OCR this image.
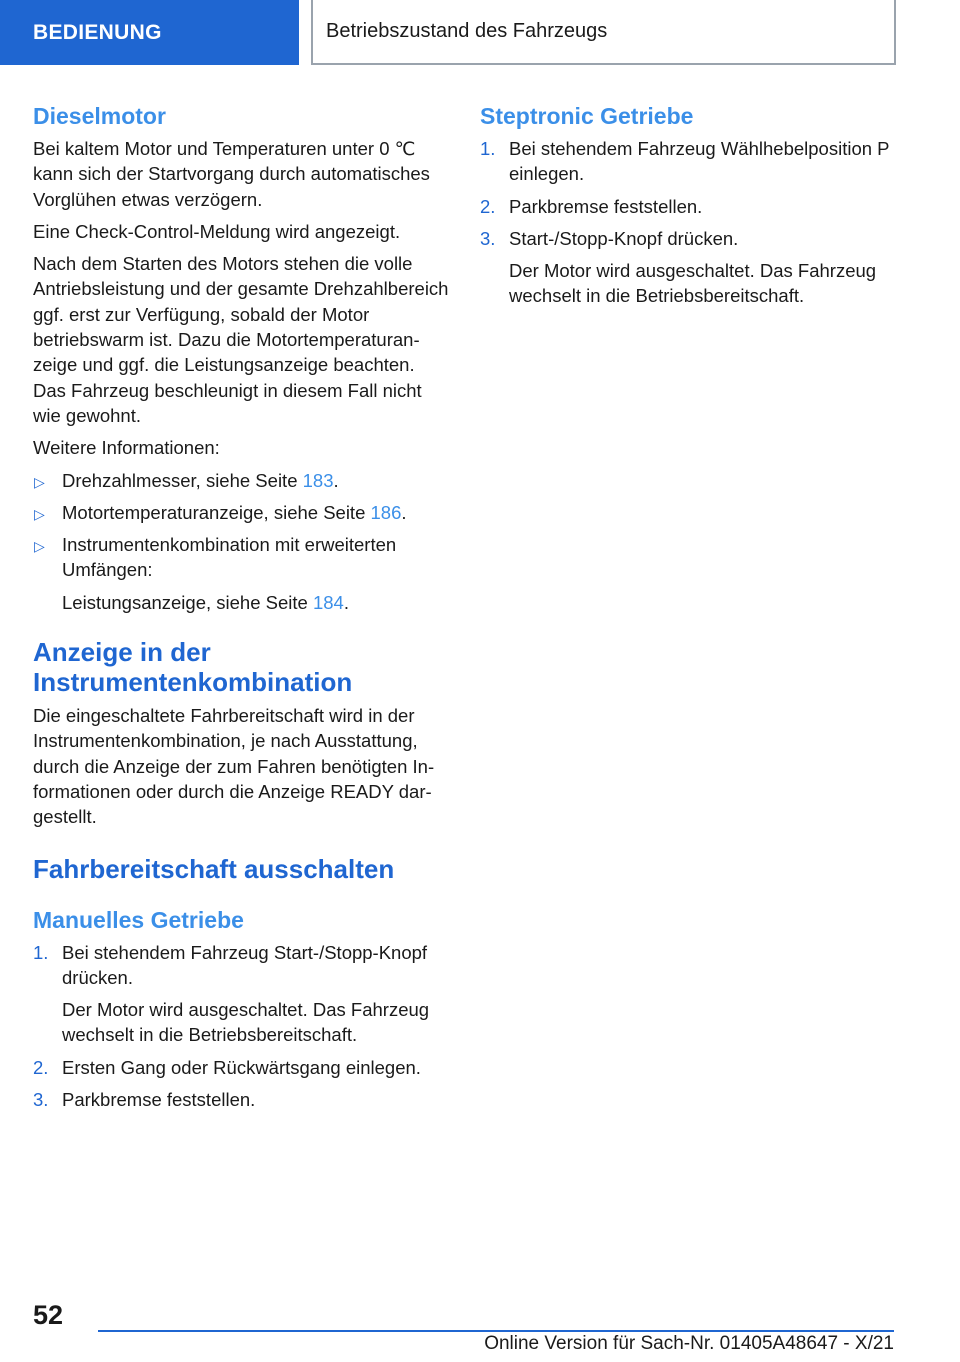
BEDIENUNG	Betriebszustand des Fahrzeugs
Dieselmotor

Bei kaltem Motor und Temperaturen unter 0 ℃ kann sich der Startvorgang durch automatisches Vorglühen etwas verzögern.

Eine Check-Control-Meldung wird angezeigt.

Nach dem Starten des Motors stehen die volle Antriebsleistung und der gesamte Drehzahlbereich ggf. erst zur Verfügung, sobald der Motor betriebswarm ist. Dazu die Motortemperaturanzeige und ggf. die Leistungsanzeige beachten. Das Fahrzeug beschleunigt in diesem Fall nicht wie gewohnt.

Weitere Informationen:

▷ Drehzahlmesser, siehe Seite 183.
▷ Motortemperaturanzeige, siehe Seite 186.
▷ Instrumentenkombination mit erweiterten Umfängen:
Leistungsanzeige, siehe Seite 184.
Anzeige in der Instrumentenkombination

Die eingeschaltete Fahrbereitschaft wird in der Instrumentenkombination, je nach Ausstattung, durch die Anzeige der zum Fahren benötigten Informationen oder durch die Anzeige READY dargestellt.

Fahrbereitschaft ausschalten
Manuelles Getriebe
1. Bei stehendem Fahrzeug Start-/Stopp-Knopf drücken.
Der Motor wird ausgeschaltet. Das Fahrzeug wechselt in die Betriebsbereitschaft.
2. Ersten Gang oder Rückwärtsgang einlegen.
3. Parkbremse feststellen.
Steptronic Getriebe
1. Bei stehendem Fahrzeug Wählhebelposition P einlegen.
2. Parkbremse feststellen.
3. Start-/Stopp-Knopf drücken.
Der Motor wird ausgeschaltet. Das Fahrzeug wechselt in die Betriebsbereitschaft.
52
Online Version für Sach-Nr. 01405A48647 - X/21
